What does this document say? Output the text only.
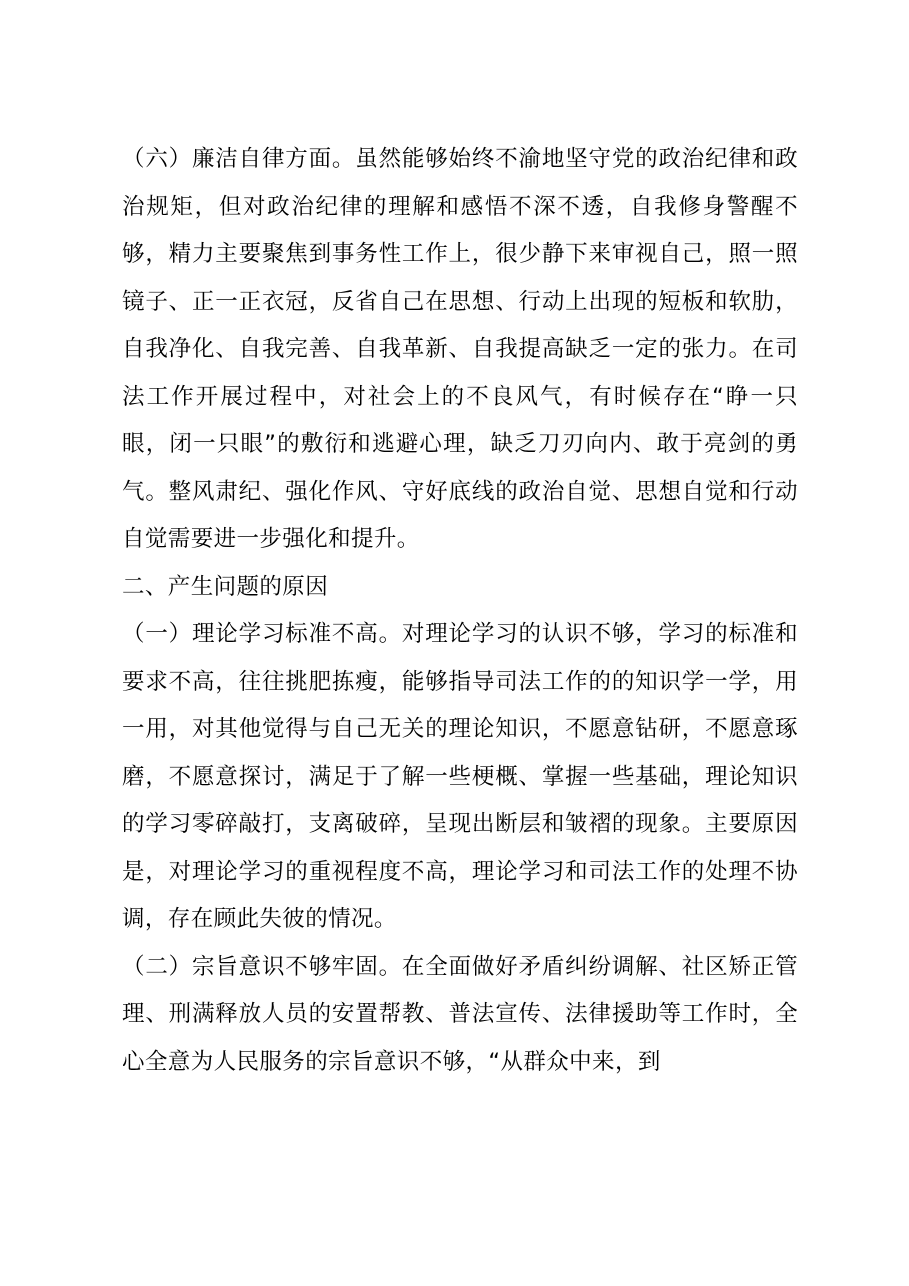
（六）廉洁自律方面。虽然能够始终不渝地坚守党的政治纪律和政治规矩，但对政治纪律的理解和感悟不深不透，自我修身警醒不够，精力主要聚焦到事务性工作上，很少静下来审视自己，照一照镜子、正一正衣冠，反省自己在思想、行动上出现的短板和软肋，自我净化、自我完善、自我革新、自我提高缺乏一定的张力。在司法工作开展过程中，对社会上的不良风气，有时候存在“睁一只眼，闭一只眼”的敷衍和逃避心理，缺乏刀刃向内、敢于亮剑的勇气。整风肃纪、强化作风、守好底线的政治自觉、思想自觉和行动自觉需要进一步强化和提升。

二、产生问题的原因

（一）理论学习标准不高。对理论学习的认识不够，学习的标准和要求不高，往往挑肥拣瘦，能够指导司法工作的的知识学一学，用一用，对其他觉得与自己无关的理论知识，不愿意钻研，不愿意琢磨，不愿意探讨，满足于了解一些梗概、掌握一些基础，理论知识的学习零碎敲打，支离破碎，呈现出断层和皱褶的现象。主要原因是，对理论学习的重视程度不高，理论学习和司法工作的处理不协调，存在顾此失彼的情况。

（二）宗旨意识不够牢固。在全面做好矛盾纠纷调解、社区矫正管理、刑满释放人员的安置帮教、普法宣传、法律援助等工作时，全心全意为人民服务的宗旨意识不够，“从群众中来，到
